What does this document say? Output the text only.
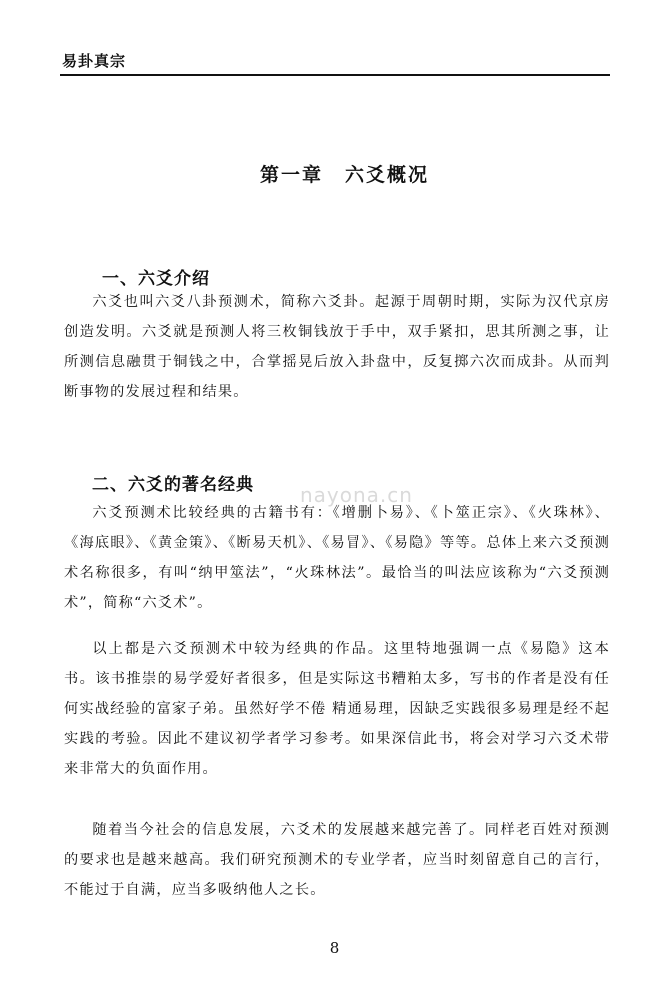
易卦真宗
第一章 六爻概况
一、六爻介绍

六爻也叫六爻八卦预测术，简称六爻卦。起源于周朝时期，实际为汉代京房创造发明。六爻就是预测人将三枚铜钱放于手中，双手紧扣，思其所测之事，让所测信息融贯于铜钱之中，合掌摇晃后放入卦盘中，反复掷六次而成卦。从而判断事物的发展过程和结果。

二、六爻的著名经典 nayona.cn

六爻预测术比较经典的古籍书有：《增删卜易》、《卜筮正宗》、《火珠林》、《海底眼》、《黄金策》、《断易天机》、《易冒》、《易隐》等等。总体上来六爻预测术名称很多，有叫“纳甲筮法”，“火珠林法”。最恰当的叫法应该称为“六爻预测术”，简称“六爻术”。

以上都是六爻预测术中较为经典的作品。这里特地强调一点《易隐》这本书。该书推崇的易学爱好者很多，但是实际这书糟粕太多，写书的作者是没有任何实战经验的富家子弟。虽然好学不倦 精通易理，因缺乏实践很多易理是经不起实践的考验。因此不建议初学者学习参考。如果深信此书，将会对学习六爻术带来非常大的负面作用。

随着当今社会的信息发展，六爻术的发展越来越完善了。同样老百姓对预测的要求也是越来越高。我们研究预测术的专业学者，应当时刻留意自己的言行，不能过于自满，应当多吸纳他人之长。

8
